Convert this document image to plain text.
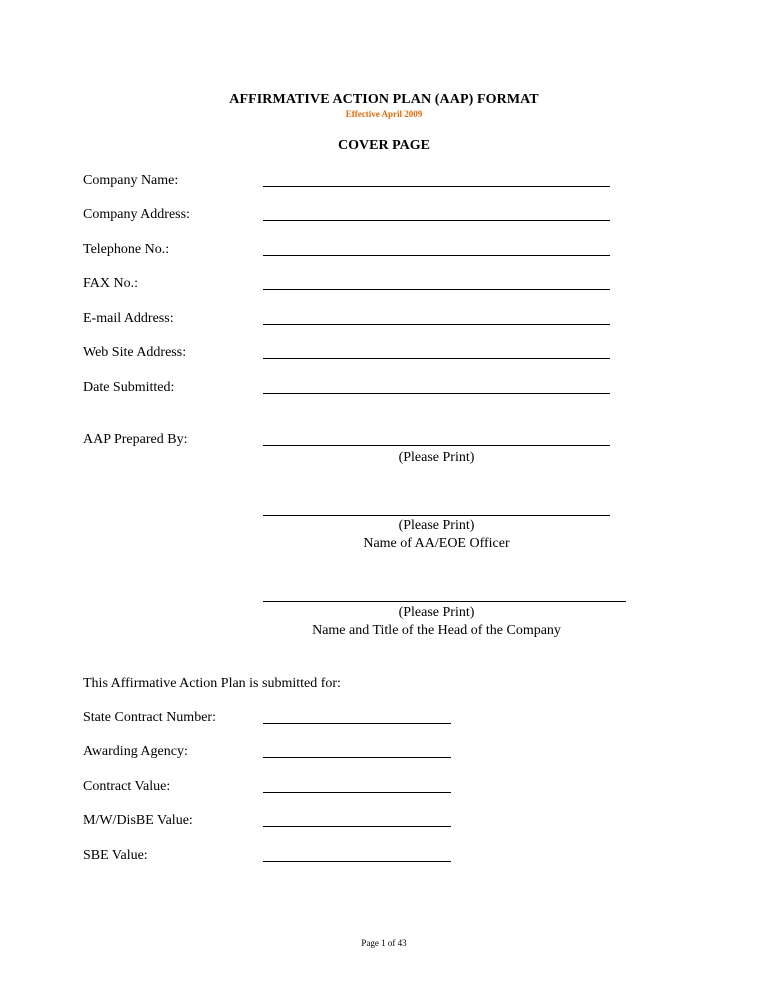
AFFIRMATIVE ACTION PLAN (AAP) FORMAT
Effective April 2009
COVER PAGE
Company Name:
Company Address:
Telephone No.:
FAX No.:
E-mail Address:
Web Site Address:
Date Submitted:
AAP Prepared By:
(Please Print)
(Please Print)
Name of AA/EOE Officer
(Please Print)
Name and Title of the Head of the Company
This Affirmative Action Plan is submitted for:
State Contract Number:
Awarding Agency:
Contract Value:
M/W/DisBE Value:
SBE Value:
Page 1 of 43
